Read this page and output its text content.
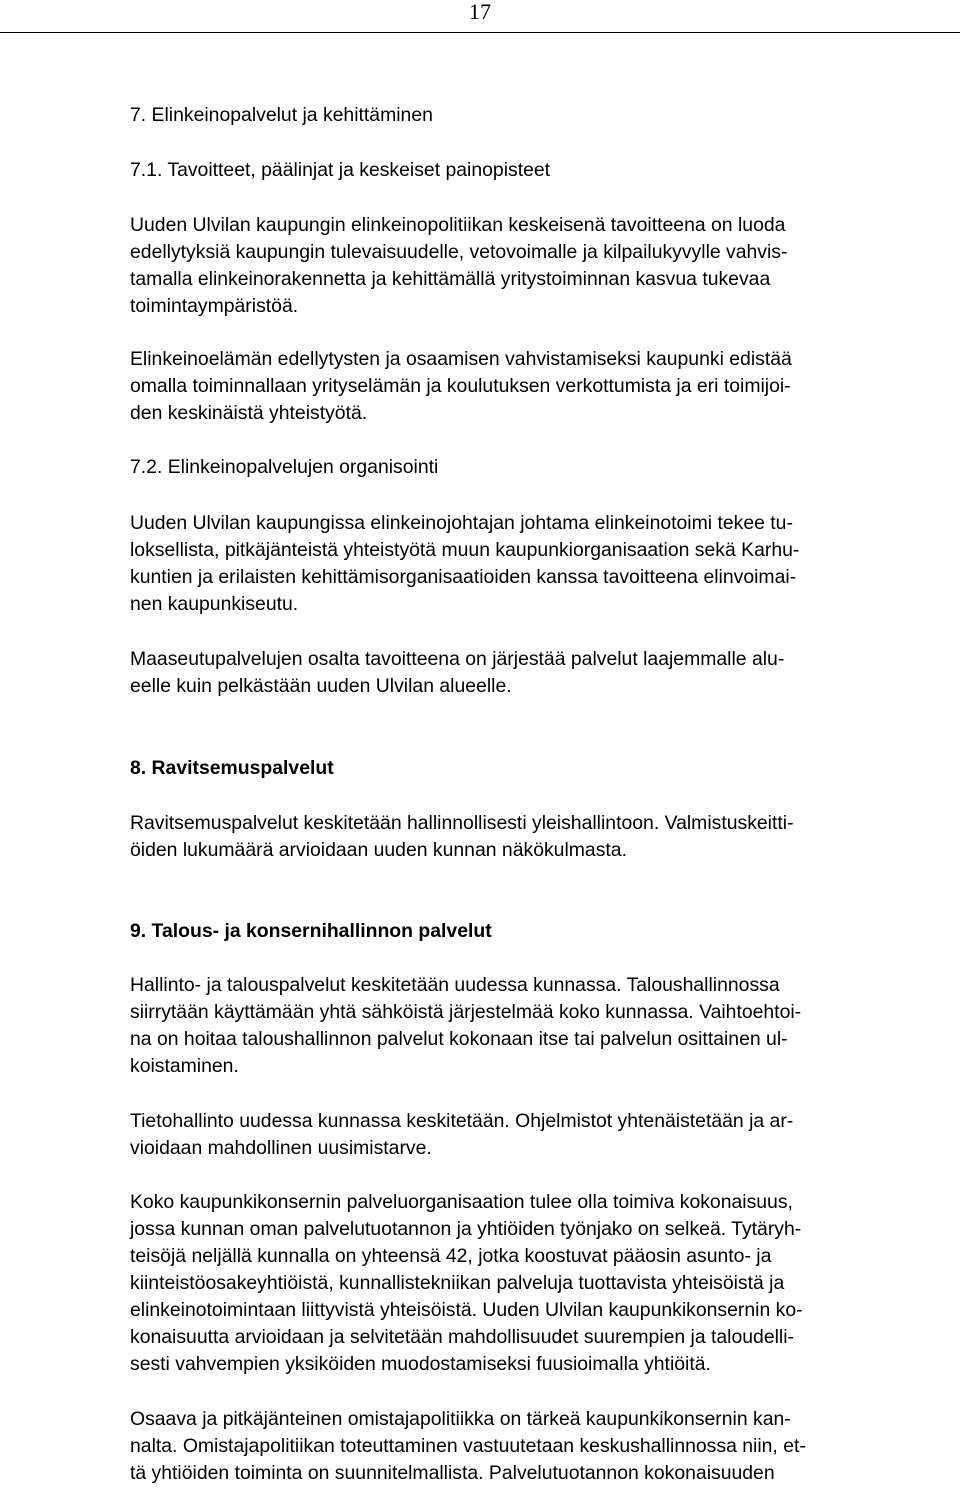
17
7. Elinkeinopalvelut ja kehittäminen
7.1. Tavoitteet, päälinjat ja keskeiset painopisteet

Uuden Ulvilan kaupungin elinkeinopolitiikan keskeisenä tavoitteena on luoda
edellytyksiä kaupungin tulevaisuudelle, vetovoimalle ja kilpailukyvylle vahvis-
tamalla elinkeinorakennetta ja kehittämällä yritystoiminnan kasvua tukevaa
toimintaympäristöä.

Elinkeinoelämän edellytysten ja osaamisen vahvistamiseksi kaupunki edistää
omalla toiminnallaan yrityselämän ja koulutuksen verkottumista ja eri toimijoi-
den keskinäistä yhteistyötä.

7.2. Elinkeinopalvelujen organisointi

Uuden Ulvilan kaupungissa elinkeinojohtajan johtama elinkeinotoimi tekee tu-
loksellista, pitkäjänteistä yhteistyötä muun kaupunkiorganisaation sekä Karhu-
kuntien ja erilaisten kehittämisorganisaatioiden kanssa tavoitteena elinvoimai-
nen kaupunkiseutu.

Maaseutupalvelujen osalta tavoitteena on järjestää palvelut laajemmalle alu-
eelle kuin pelkästään uuden Ulvilan alueelle.

8. Ravitsemuspalvelut

Ravitsemuspalvelut keskitetään hallinnollisesti yleishallintoon. Valmistuskeitti-
öiden lukumäärä arvioidaan uuden kunnan näkökulmasta.

9. Talous- ja konsernihallinnon palvelut

Hallinto- ja talouspalvelut keskitetään uudessa kunnassa. Taloushallinnossa
siirrytään käyttämään yhtä sähköistä järjestelmää koko kunnassa. Vaihtoehtoi-
na on hoitaa taloushallinnon palvelut kokonaan itse tai palvelun osittainen ul-
koistaminen.

Tietohallinto uudessa kunnassa keskitetään. Ohjelmistot yhtenäistetään ja ar-
vioidaan mahdollinen uusimistarve.

Koko kaupunkikonsernin palveluorganisaation tulee olla toimiva kokonaisuus,
jossa kunnan oman palvelutuotannon ja yhtiöiden työnjako on selkeä. Tytäryh-
teisöjä neljällä kunnalla on yhteensä 42, jotka koostuvat pääosin asunto- ja
kiinteistöosakeyhtiöistä, kunnallistekniikan palveluja tuottavista yhteisöistä ja
elinkeinotoimintaan liittyvistä yhteisöistä. Uuden Ulvilan kaupunkikonsernin ko-
konaisuutta arvioidaan ja selvitetään mahdollisuudet suurempien ja taloudelli-
sesti vahvempien yksiköiden muodostamiseksi fuusioimalla yhtiöitä.

Osaava ja pitkäjänteinen omistajapolitiikka on tärkeä kaupunkikonsernin kan-
nalta. Omistajapolitiikan toteuttaminen vastuutetaan keskushallinnossa niin, et-
tä yhtiöiden toiminta on suunnitelmallista. Palvelutuotannon kokonaisuuden
